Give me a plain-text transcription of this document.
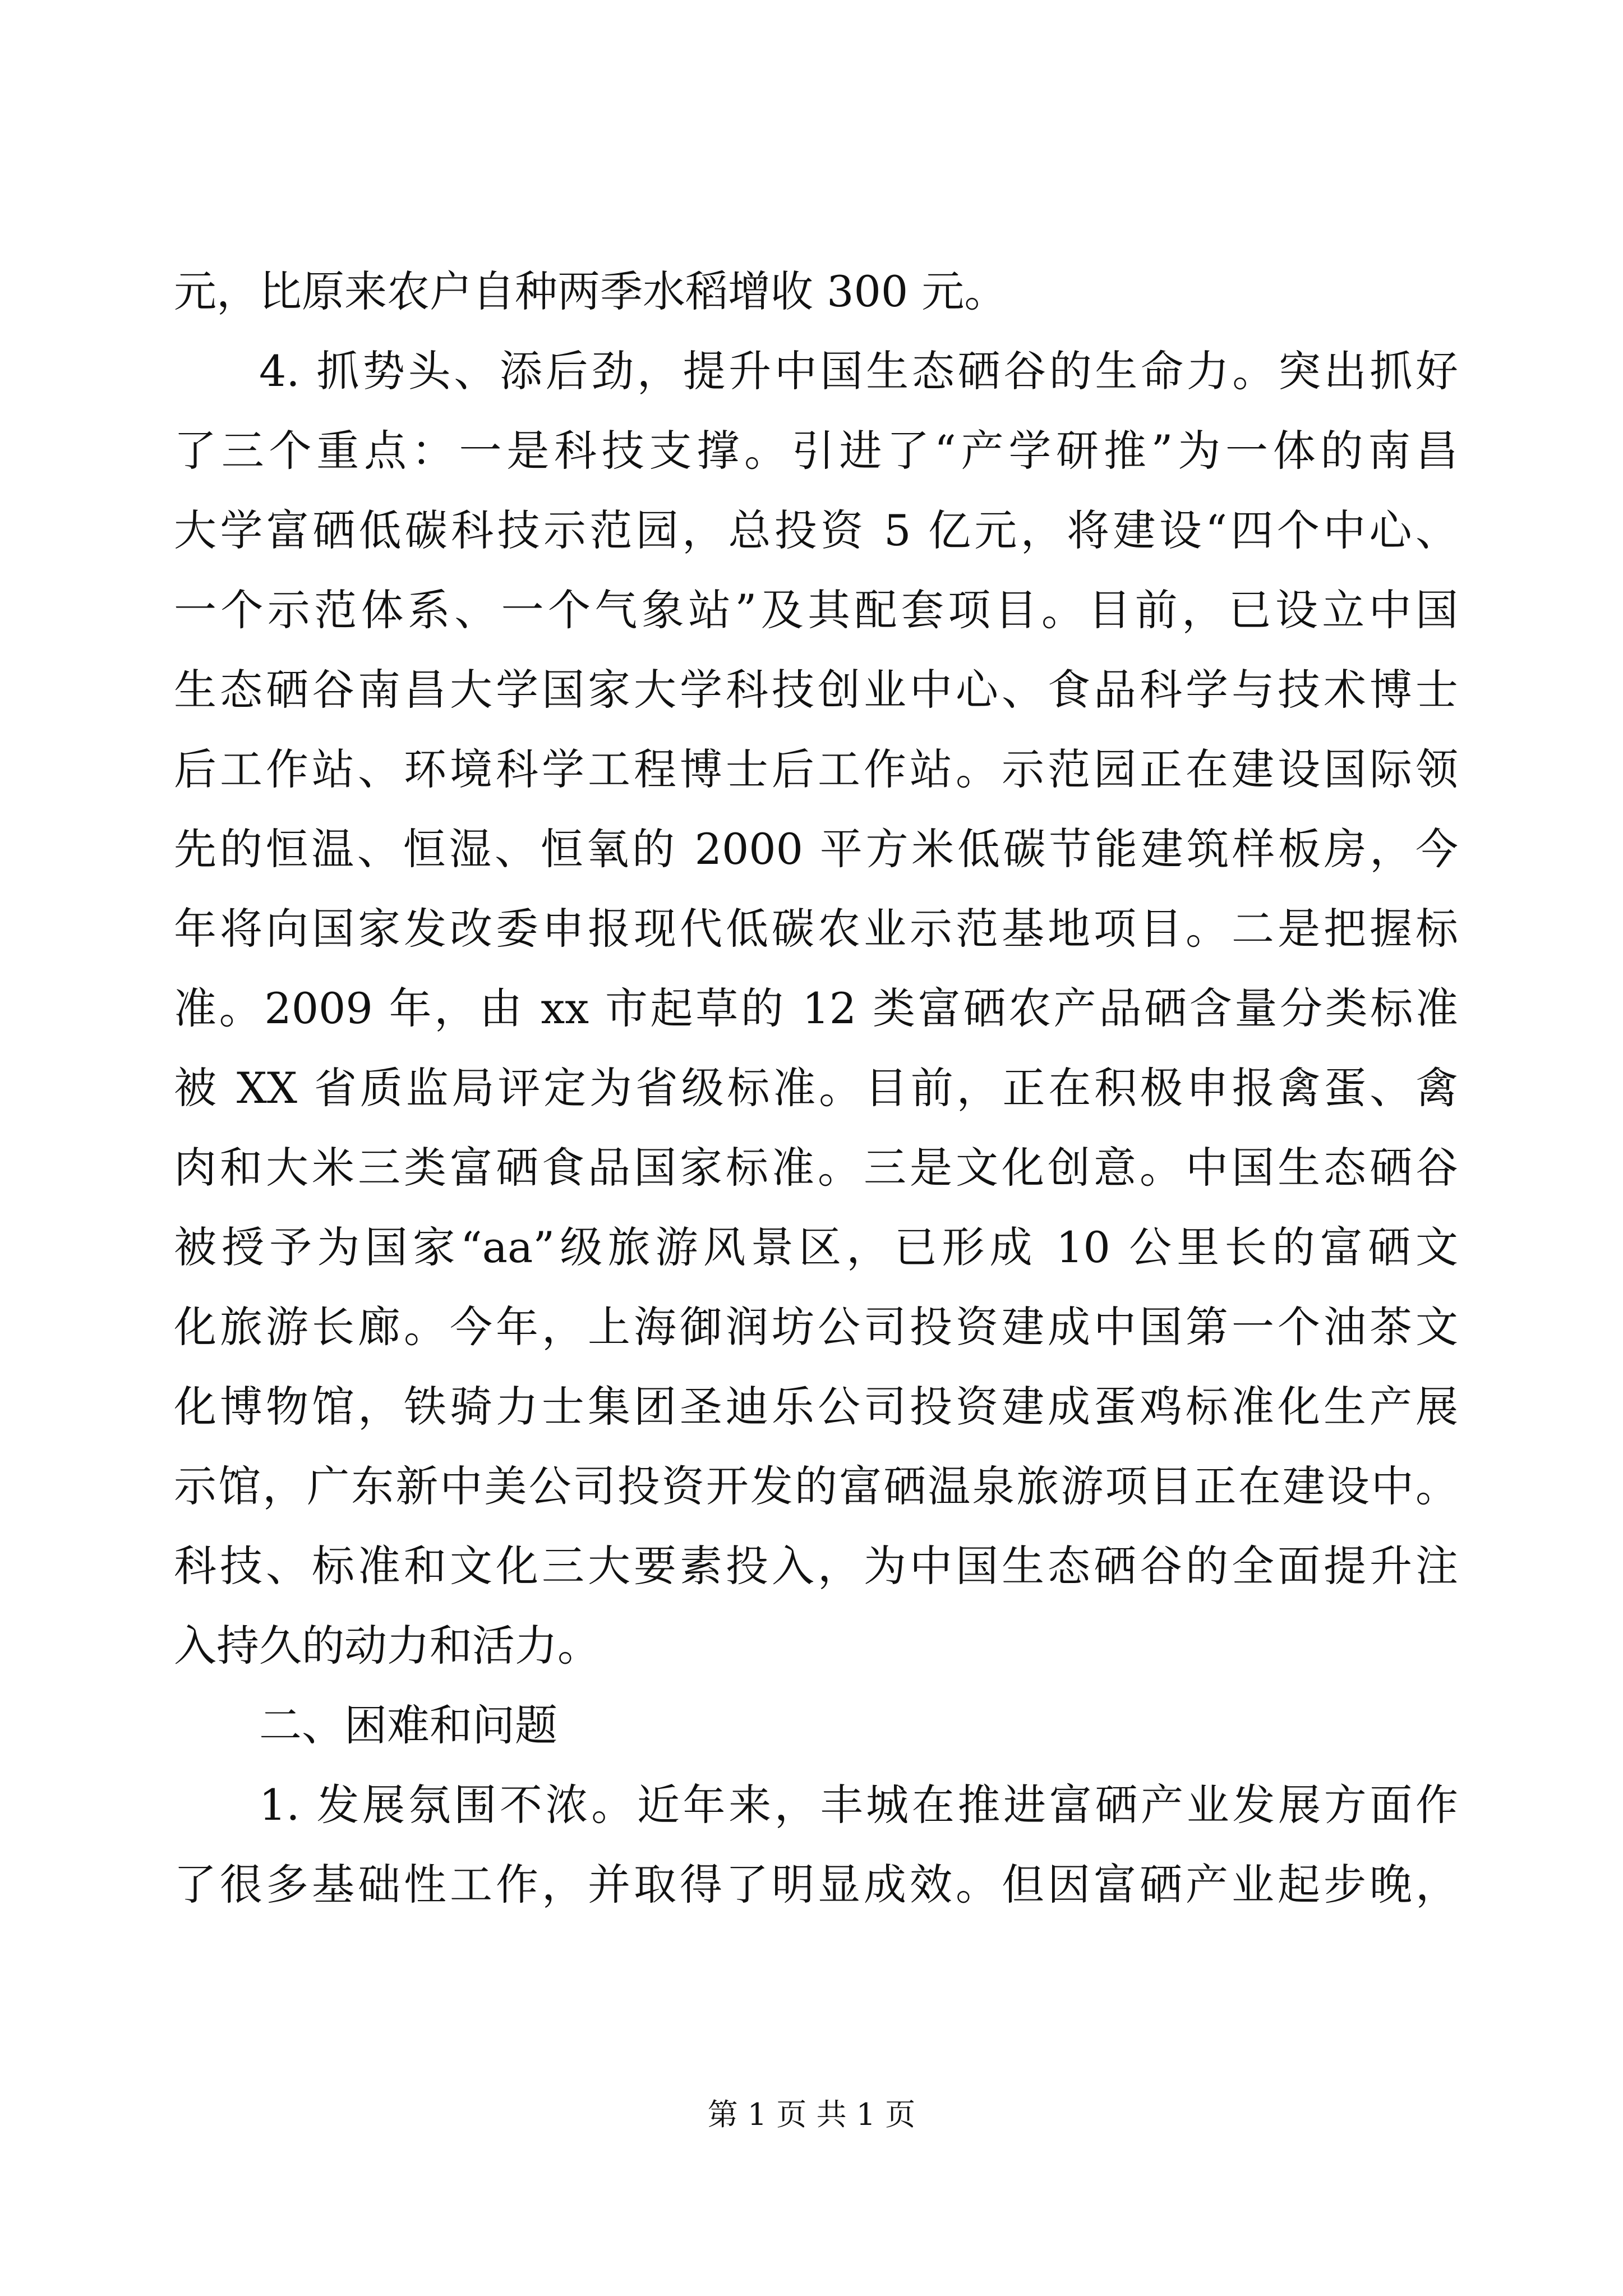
元，比原来农户自种两季水稻增收 300 元。
4. 抓势头、添后劲，提升中国生态硒谷的生命力。突出抓好
了三个重点：一是科技支撑。引进了“产学研推”为一体的南昌
大学富硒低碳科技示范园，总投资 5 亿元，将建设“四个中心、
一个示范体系、一个气象站”及其配套项目。目前，已设立中国
生态硒谷南昌大学国家大学科技创业中心、食品科学与技术博士
后工作站、环境科学工程博士后工作站。示范园正在建设国际领
先的恒温、恒湿、恒氧的 2000 平方米低碳节能建筑样板房，今
年将向国家发改委申报现代低碳农业示范基地项目。二是把握标
准。2009 年，由 xx 市起草的 12 类富硒农产品硒含量分类标准
被 XX 省质监局评定为省级标准。目前，正在积极申报禽蛋、禽
肉和大米三类富硒食品国家标准。三是文化创意。中国生态硒谷
被授予为国家“aa”级旅游风景区，已形成 10 公里长的富硒文
化旅游长廊。今年，上海御润坊公司投资建成中国第一个油茶文
化博物馆，铁骑力士集团圣迪乐公司投资建成蛋鸡标准化生产展
示馆，广东新中美公司投资开发的富硒温泉旅游项目正在建设中。
科技、标准和文化三大要素投入，为中国生态硒谷的全面提升注
入持久的动力和活力。
二、困难和问题
1. 发展氛围不浓。近年来，丰城在推进富硒产业发展方面作
了很多基础性工作，并取得了明显成效。但因富硒产业起步晚，
第 1 页 共 1 页
